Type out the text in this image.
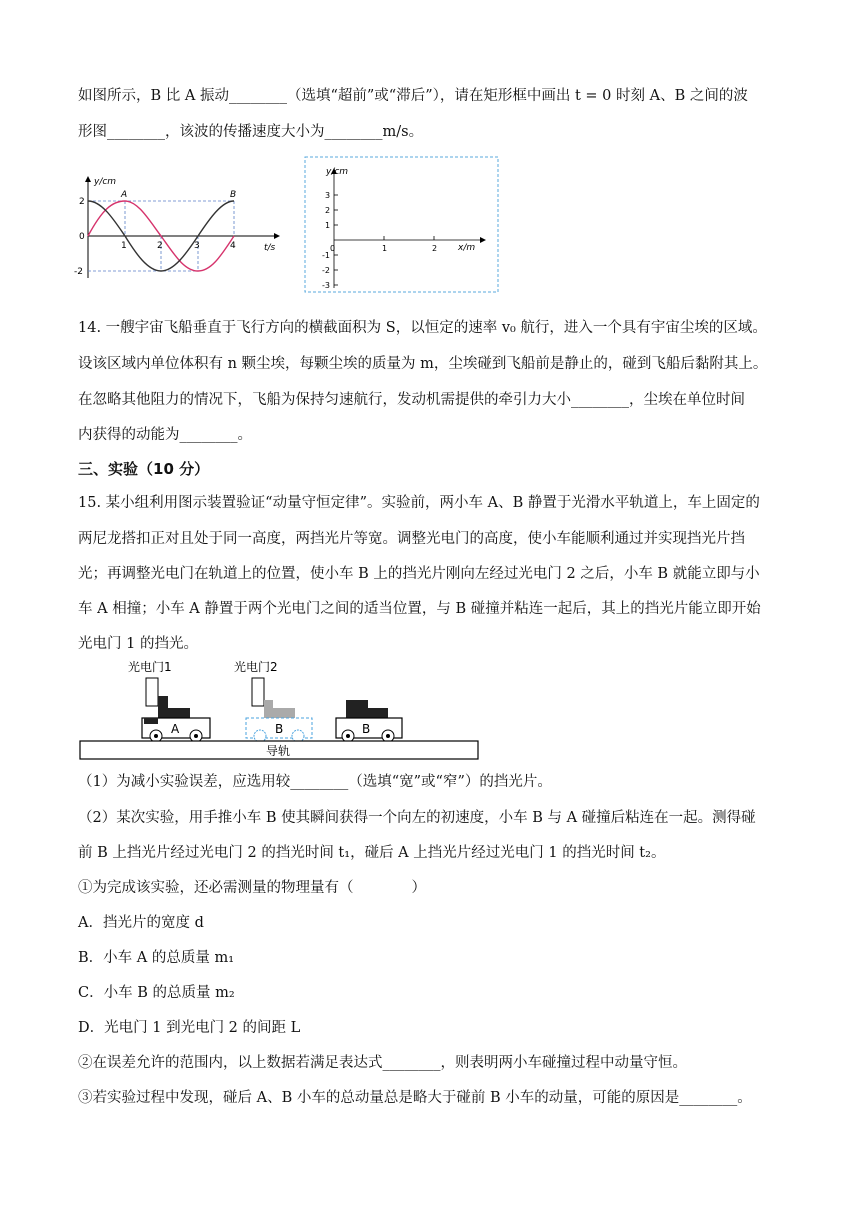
如图所示，B 比 A 振动________（选填“超前”或“滞后”），请在矩形框中画出 t = 0 时刻 A、B 之间的波
形图________，该波的传播速度大小为________m/s。
y/cm
t/s
A	B
2
0
-2
1	2	3	4
y/cm
x/m
3
2
1
-1
-2
-3
0	1	2
14. 一艘宇宙飞船垂直于飞行方向的横截面积为 S，以恒定的速率 v₀ 航行，进入一个具有宇宙尘埃的区域。
设该区域内单位体积有 n 颗尘埃，每颗尘埃的质量为 m，尘埃碰到飞船前是静止的，碰到飞船后黏附其上。
在忽略其他阻力的情况下，飞船为保持匀速航行，发动机需提供的牵引力大小________，尘埃在单位时间
内获得的动能为________。
三、实验（10 分）
15. 某小组利用图示装置验证“动量守恒定律”。实验前，两小车 A、B 静置于光滑水平轨道上，车上固定的
两尼龙搭扣正对且处于同一高度，两挡光片等宽。调整光电门的高度，使小车能顺利通过并实现挡光片挡
光；再调整光电门在轨道上的位置，使小车 B 上的挡光片刚向左经过光电门 2 之后，小车 B 就能立即与小
车 A 相撞；小车 A 静置于两个光电门之间的适当位置，与 B 碰撞并粘连一起后，其上的挡光片能立即开始
光电门 1 的挡光。
光电门1	光电门2
A	B	B
导轨
（1）为减小实验误差，应选用较________（选填“宽”或“窄”）的挡光片。
（2）某次实验，用手推小车 B 使其瞬间获得一个向左的初速度，小车 B 与 A 碰撞后粘连在一起。测得碰
前 B 上挡光片经过光电门 2 的挡光时间 t₁，碰后 A 上挡光片经过光电门 1 的挡光时间 t₂。
①为完成该实验，还必需测量的物理量有（　　　　）
A．挡光片的宽度 d
B．小车 A 的总质量 m₁
C．小车 B 的总质量 m₂
D．光电门 1 到光电门 2 的间距 L
②在误差允许的范围内，以上数据若满足表达式________，则表明两小车碰撞过程中动量守恒。
③若实验过程中发现，碰后 A、B 小车的总动量总是略大于碰前 B 小车的动量，可能的原因是________。
